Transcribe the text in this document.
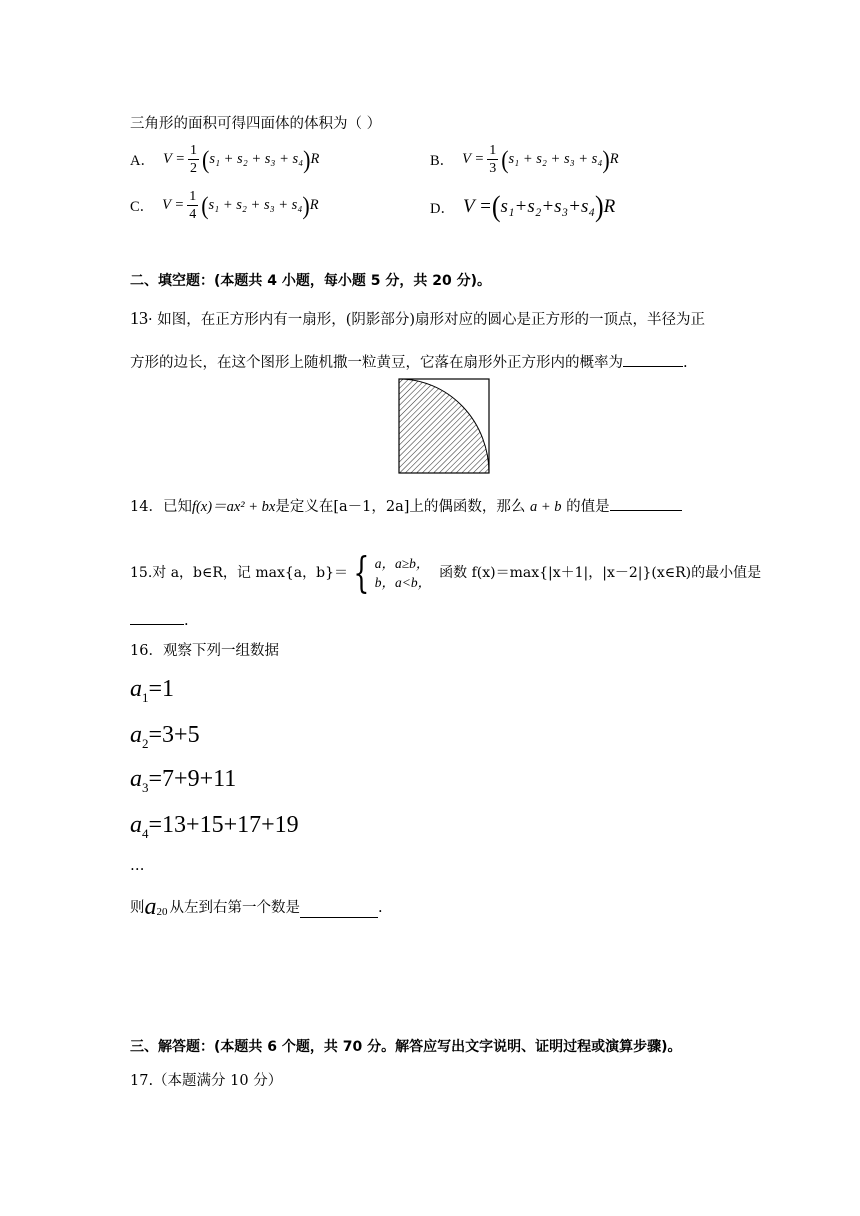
三角形的面积可得四面体的体积为（ ）
A． $V = \frac{1}{2}$ ( s₁ + s₂ + s₃ + s₄ ) R	B． $V = \frac{1}{3}$ ( s₁ + s₂ + s₃ + s₄ ) R
C． $V = \frac{1}{4}$ ( s₁ + s₂ + s₃ + s₄ ) R	D． V = ( s₁+s₂+s₃+s₄ ) R
二、填空题：(本题共 4 小题，每小题 5 分，共 20 分)。
13· 如图，在正方形内有一扇形，(阴影部分)扇形对应的圆心是正方形的一顶点，半径为正
方形的边长，在这个图形上随机撒一粒黄豆，它落在扇形外正方形内的概率为	.
14．已知f(x)＝ax² + bx是定义在[a－1，2a]上的偶函数，那么 a + b 的值是
15.对 a，b∈R，记 max{a，b}＝ { a，a≥b，
b，a<b，
函数 f(x)＝max{|x＋1|，|x－2|}(x∈R)的最小值是
.
16．观察下列一组数据
$a_1=1$
$a_2=3+5$
$a_3=7+9+11$
$a_4=13+15+17+19$
…
则 a 20 从左到右第一个数是	.
三、解答题：(本题共 6 个题，共 70 分。解答应写出文字说明、证明过程或演算步骤)。
17.（本题满分 10 分）
